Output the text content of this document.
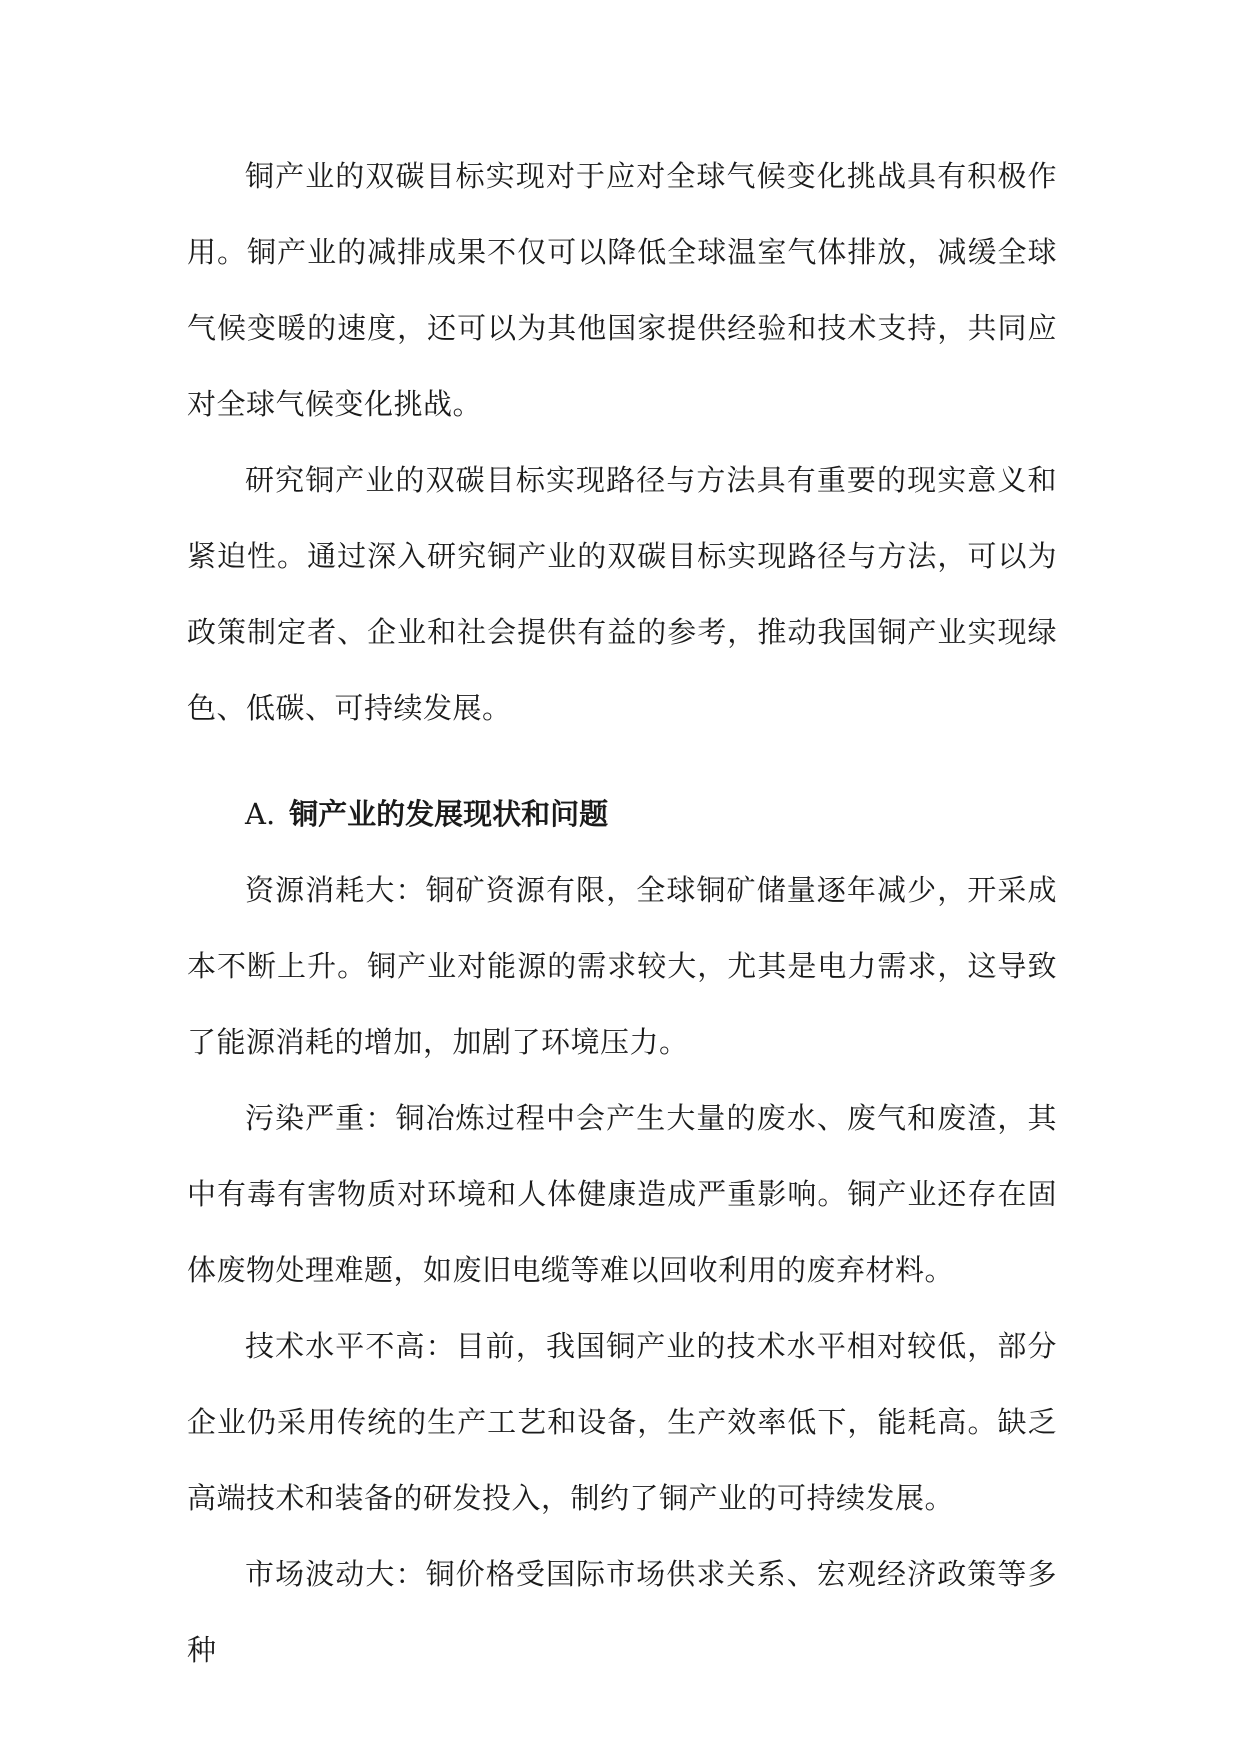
铜产业的双碳目标实现对于应对全球气候变化挑战具有积极作用。铜产业的减排成果不仅可以降低全球温室气体排放，减缓全球气候变暖的速度，还可以为其他国家提供经验和技术支持，共同应对全球气候变化挑战。

研究铜产业的双碳目标实现路径与方法具有重要的现实意义和紧迫性。通过深入研究铜产业的双碳目标实现路径与方法，可以为政策制定者、企业和社会提供有益的参考，推动我国铜产业实现绿色、低碳、可持续发展。

A. 铜产业的发展现状和问题

资源消耗大：铜矿资源有限，全球铜矿储量逐年减少，开采成本不断上升。铜产业对能源的需求较大，尤其是电力需求，这导致了能源消耗的增加，加剧了环境压力。

污染严重：铜冶炼过程中会产生大量的废水、废气和废渣，其中有毒有害物质对环境和人体健康造成严重影响。铜产业还存在固体废物处理难题，如废旧电缆等难以回收利用的废弃材料。

技术水平不高：目前，我国铜产业的技术水平相对较低，部分企业仍采用传统的生产工艺和设备，生产效率低下，能耗高。缺乏高端技术和装备的研发投入，制约了铜产业的可持续发展。

市场波动大：铜价格受国际市场供求关系、宏观经济政策等多种
